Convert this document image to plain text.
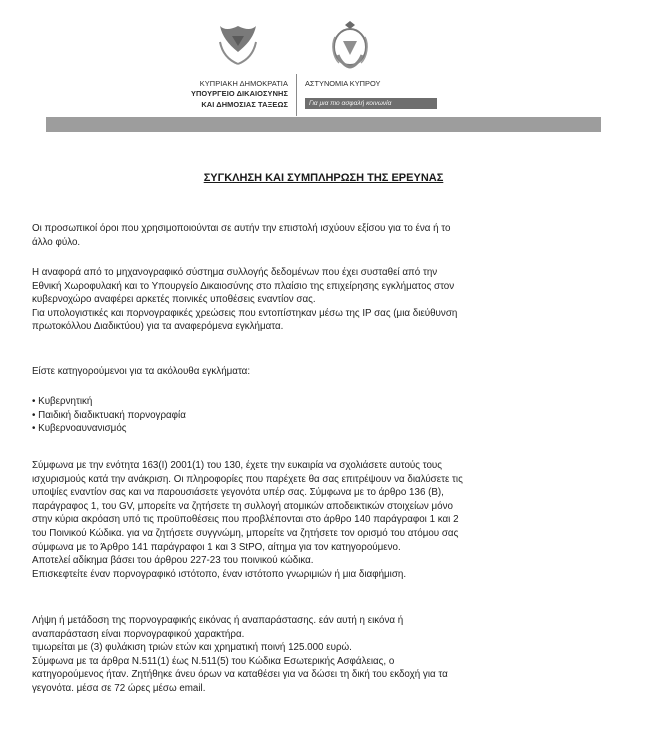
ΚΥΠΡΙΑΚΗ ΔΗΜΟΚΡΑΤΙΑ
ΥΠΟΥΡΓΕΙΟ ΔΙΚΑΙΟΣΥΝΗΣ
ΚΑΙ ΔΗΜΟΣΙΑΣ ΤΑΞΕΩΣ
ΑΣΤΥΝΟΜΙΑ ΚΥΠΡΟΥ
Για μια πιο ασφαλή κοινωνία
ΣΥΓΚΛΗΣΗ ΚΑΙ ΣΥΜΠΛΗΡΩΣΗ ΤΗΣ ΕΡΕΥΝΑΣ
Οι προσωπικοί όροι που χρησιμοποιούνται σε αυτήν την επιστολή ισχύουν εξίσου για το ένα ή το
άλλο φύλο.
Η αναφορά από το μηχανογραφικό σύστημα συλλογής δεδομένων που έχει συσταθεί από την
Εθνική Χωροφυλακή και το Υπουργείο Δικαιοσύνης στο πλαίσιο της επιχείρησης εγκλήματος στον
κυβερνοχώρο αναφέρει αρκετές ποινικές υποθέσεις εναντίον σας.
Για υπολογιστικές και πορνογραφικές χρεώσεις που εντοπίστηκαν μέσω της IP σας (μια διεύθυνση
πρωτοκόλλου Διαδικτύου) για τα αναφερόμενα εγκλήματα.
Είστε κατηγορούμενοι για τα ακόλουθα εγκλήματα:
• Κυβερνητική
• Παιδική διαδικτυακή πορνογραφία
• Κυβερνοαυνανισμός
Σύμφωνα με την ενότητα 163(Ι) 2001(1) του 130, έχετε την ευκαιρία να σχολιάσετε αυτούς τους
ισχυρισμούς κατά την ανάκριση. Οι πληροφορίες που παρέχετε θα σας επιτρέψουν να διαλύσετε τις
υποψίες εναντίον σας και να παρουσιάσετε γεγονότα υπέρ σας. Σύμφωνα με το άρθρο 136 (Β),
παράγραφος 1, του GV, μπορείτε να ζητήσετε τη συλλογή ατομικών αποδεικτικών στοιχείων μόνο
στην κύρια ακρόαση υπό τις προϋποθέσεις που προβλέπονται στο άρθρο 140 παράγραφοι 1 και 2
του Ποινικού Κώδικα. για να ζητήσετε συγγνώμη, μπορείτε να ζητήσετε τον ορισμό του ατόμου σας
σύμφωνα με το Άρθρο 141 παράγραφοι 1 και 3 StPO, αίτημα για τον κατηγορούμενο.
Αποτελεί αδίκημα βάσει του άρθρου 227-23 του ποινικού κώδικα.
Επισκεφτείτε έναν πορνογραφικό ιστότοπο, έναν ιστότοπο γνωριμιών ή μια διαφήμιση.
Λήψη ή μετάδοση της πορνογραφικής εικόνας ή αναπαράστασης. εάν αυτή η εικόνα ή
αναπαράσταση είναι πορνογραφικού χαρακτήρα.
τιμωρείται με (3) φυλάκιση τριών ετών και χρηματική ποινή 125.000 ευρώ.
Σύμφωνα με τα άρθρα Ν.511(1) έως Ν.511(5) του Κώδικα Εσωτερικής Ασφάλειας, ο
κατηγορούμενος ήταν. Ζητήθηκε άνευ όρων να καταθέσει για να δώσει τη δική του εκδοχή για τα
γεγονότα. μέσα σε 72 ώρες μέσω email.
